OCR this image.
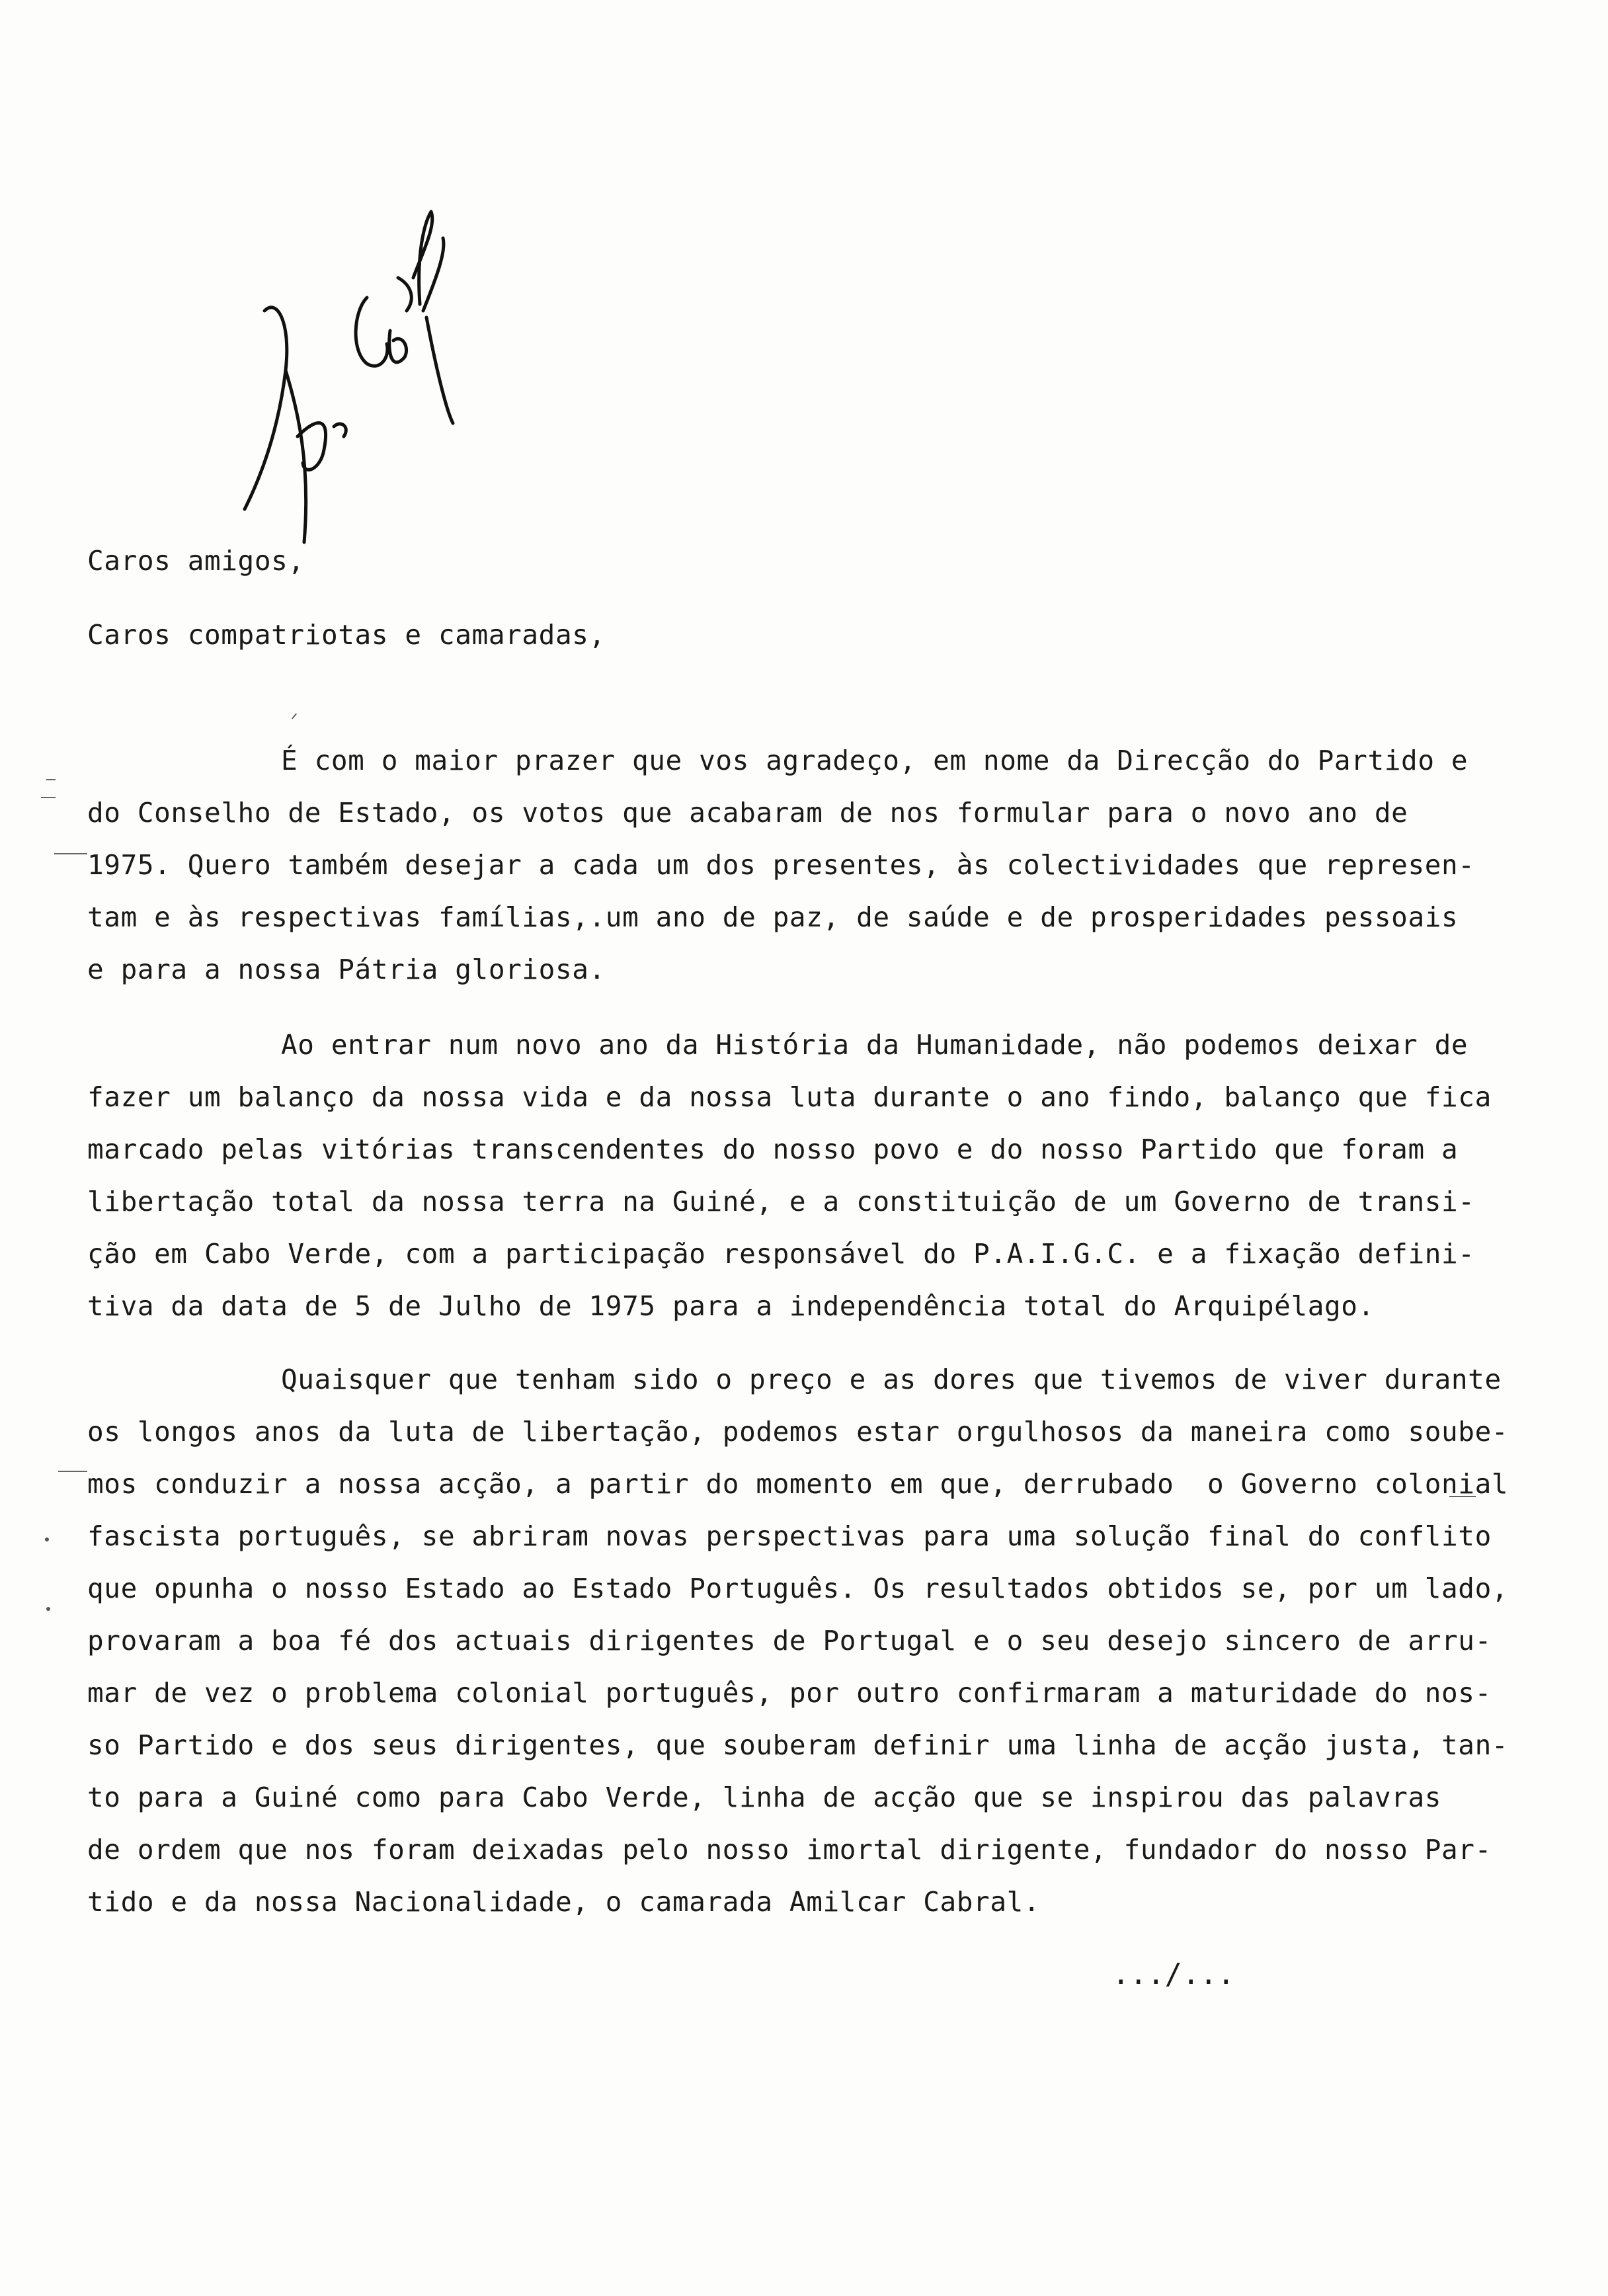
Caros amigos,
Caros compatriotas e camaradas,
É com o maior prazer que vos agradeço, em nome da Direcção do Partido e
do Conselho de Estado, os votos que acabaram de nos formular para o novo ano de
1975. Quero também desejar a cada um dos presentes, às colectividades que represen-
tam e às respectivas famílias,.um ano de paz, de saúde e de prosperidades pessoais
e para a nossa Pátria gloriosa.
Ao entrar num novo ano da História da Humanidade, não podemos deixar de
fazer um balanço da nossa vida e da nossa luta durante o ano findo, balanço que fica
marcado pelas vitórias transcendentes do nosso povo e do nosso Partido que foram a
libertação total da nossa terra na Guiné, e a constituição de um Governo de transi-
ção em Cabo Verde, com a participação responsável do P.A.I.G.C. e a fixação defini-
tiva da data de 5 de Julho de 1975 para a independência total do Arquipélago.
Quaisquer que tenham sido o preço e as dores que tivemos de viver durante
os longos anos da luta de libertação, podemos estar orgulhosos da maneira como soube-
mos conduzir a nossa acção, a partir do momento em que, derrubado  o Governo colonial
fascista português, se abriram novas perspectivas para uma solução final do conflito
que opunha o nosso Estado ao Estado Português. Os resultados obtidos se, por um lado,
provaram a boa fé dos actuais dirigentes de Portugal e o seu desejo sincero de arru-
mar de vez o problema colonial português, por outro confirmaram a maturidade do nos-
so Partido e dos seus dirigentes, que souberam definir uma linha de acção justa, tan-
to para a Guiné como para Cabo Verde, linha de acção que se inspirou das palavras
de ordem que nos foram deixadas pelo nosso imortal dirigente, fundador do nosso Par-
tido e da nossa Nacionalidade, o camarada Amilcar Cabral.
.../...
